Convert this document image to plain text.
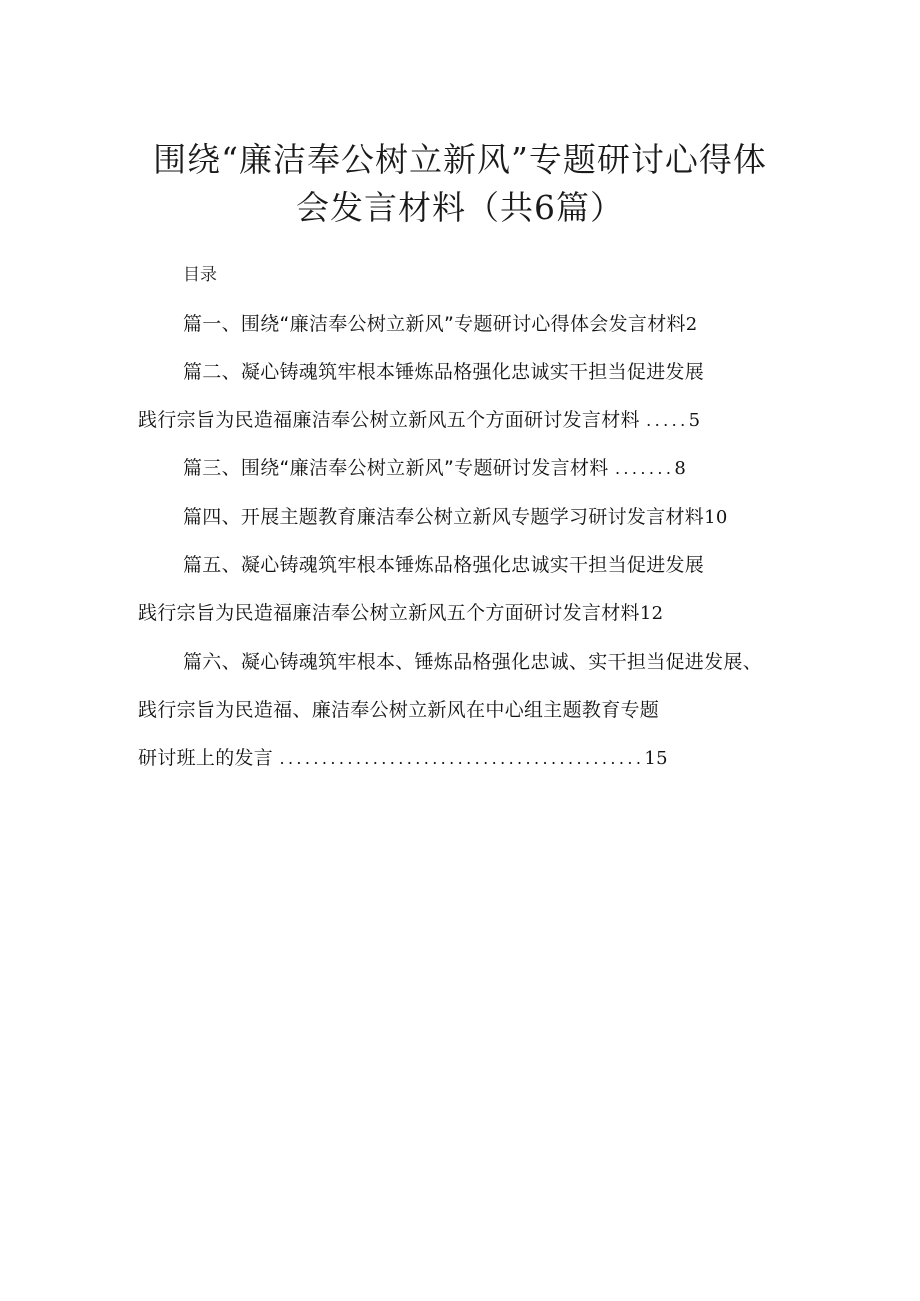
围绕“廉洁奉公树立新风”专题研讨心得体
会发言材料（共6篇）
目录
篇一、围绕“廉洁奉公树立新风”专题研讨心得体会发言材料2
篇二、凝心铸魂筑牢根本锤炼品格强化忠诚实干担当促进发展
践行宗旨为民造福廉洁奉公树立新风五个方面研讨发言材料 .....5
篇三、围绕“廉洁奉公树立新风”专题研讨发言材料 .......8
篇四、开展主题教育廉洁奉公树立新风专题学习研讨发言材料10
篇五、凝心铸魂筑牢根本锤炼品格强化忠诚实干担当促进发展
践行宗旨为民造福廉洁奉公树立新风五个方面研讨发言材料12
篇六、凝心铸魂筑牢根本、锤炼品格强化忠诚、实干担当促进发展、
践行宗旨为民造福、廉洁奉公树立新风在中心组主题教育专题
研讨班上的发言 ...........................................15
